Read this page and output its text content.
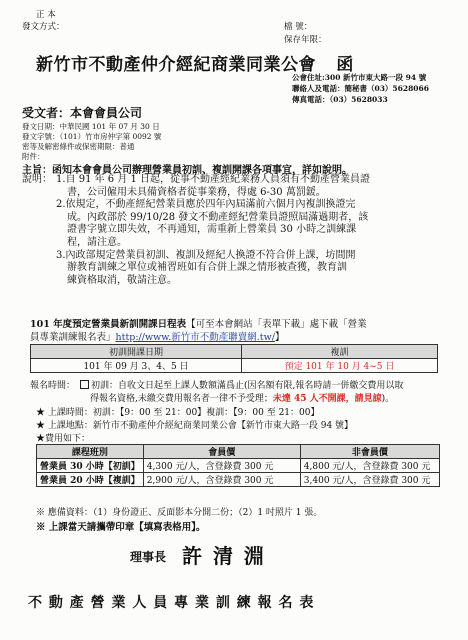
正 本
發文方式：	檔 號：
保存年限：
新竹市不動產仲介經紀商業同業公會 函
公會住址:300 新竹市東大路一段 94 號
聯絡人及電話：簡秘書（03）5628066
傳真電話：（03）5628033
受文者：本會會員公司
發文日期：中華民國 101 年 07 月 30 日
發文字號：（101）竹市房仲字第 0092 號
密等及解密條件或保密期限：普通
附件：
主旨：函知本會會員公司辦理營業員初訓、複訓開課各項事宜，詳如說明。
說明： 1.自 91 年 6 月 1 日起，從事不動產經紀業務人員須有不動產營業員證
書，公司僱用未具備資格者從事業務，得處 6-30 萬罰鍰。
2.依規定，不動產經紀營業員應於四年內屆滿前六個月內複訓換證完
成。內政部於 99/10/28 發文不動產經紀營業員證照屆滿過期者，該
證書字號立即失效，不再通知，需重新上營業員 30 小時之訓練課
程，請注意。
3.內政部規定營業員初訓、複訓及經紀人換證不符合併上課，坊間開
辦教育訓練之單位或補習班如有合併上課之情形被查獲，教育訓
練資格取消，敬請注意。
101 年度預定營業員新訓開課日程表【可至本會網站「表單下載」處下載「營業
員專業訓練報名表」http://www.新竹市不動產聯賣網.tw/】
初訓開課日期	複訓
101 年 09 月 3、4、5 日	預定 101 年 10 月 4~5 日
報名時間：	初訓：自收文日起至上課人數額滿爲止(因名額有限,報名時請一併繳交費用以取
得報名資格,未繳交費用報名者一律不予受理；未達 45 人不開課，請見諒)。
★ 上課時間：初訓：【9：00 至 21：00】複訓：【9：00 至 21：00】
★ 上課地點：新竹市不動產仲介經紀商業同業公會【新竹市東大路一段 94 號】
★費用如下：
課程班別	會員價	非會員價
營業員 30 小時【初訓】	4,300 元/人，含登錄費 300 元	4,800 元/人，含登錄費 300 元
營業員 20 小時【複訓】	2,900 元/人，含登錄費 300 元	3,400 元/人，含登錄費 300 元
※ 應備資料：（1）身份證正、反面影本分開二份；（2）1 吋照片 1 張。
※ 上課當天請攜帶印章【填寫表格用】。
理事長 許 清 淵
不 動 產 營 業 人 員 專 業 訓 練 報 名 表
